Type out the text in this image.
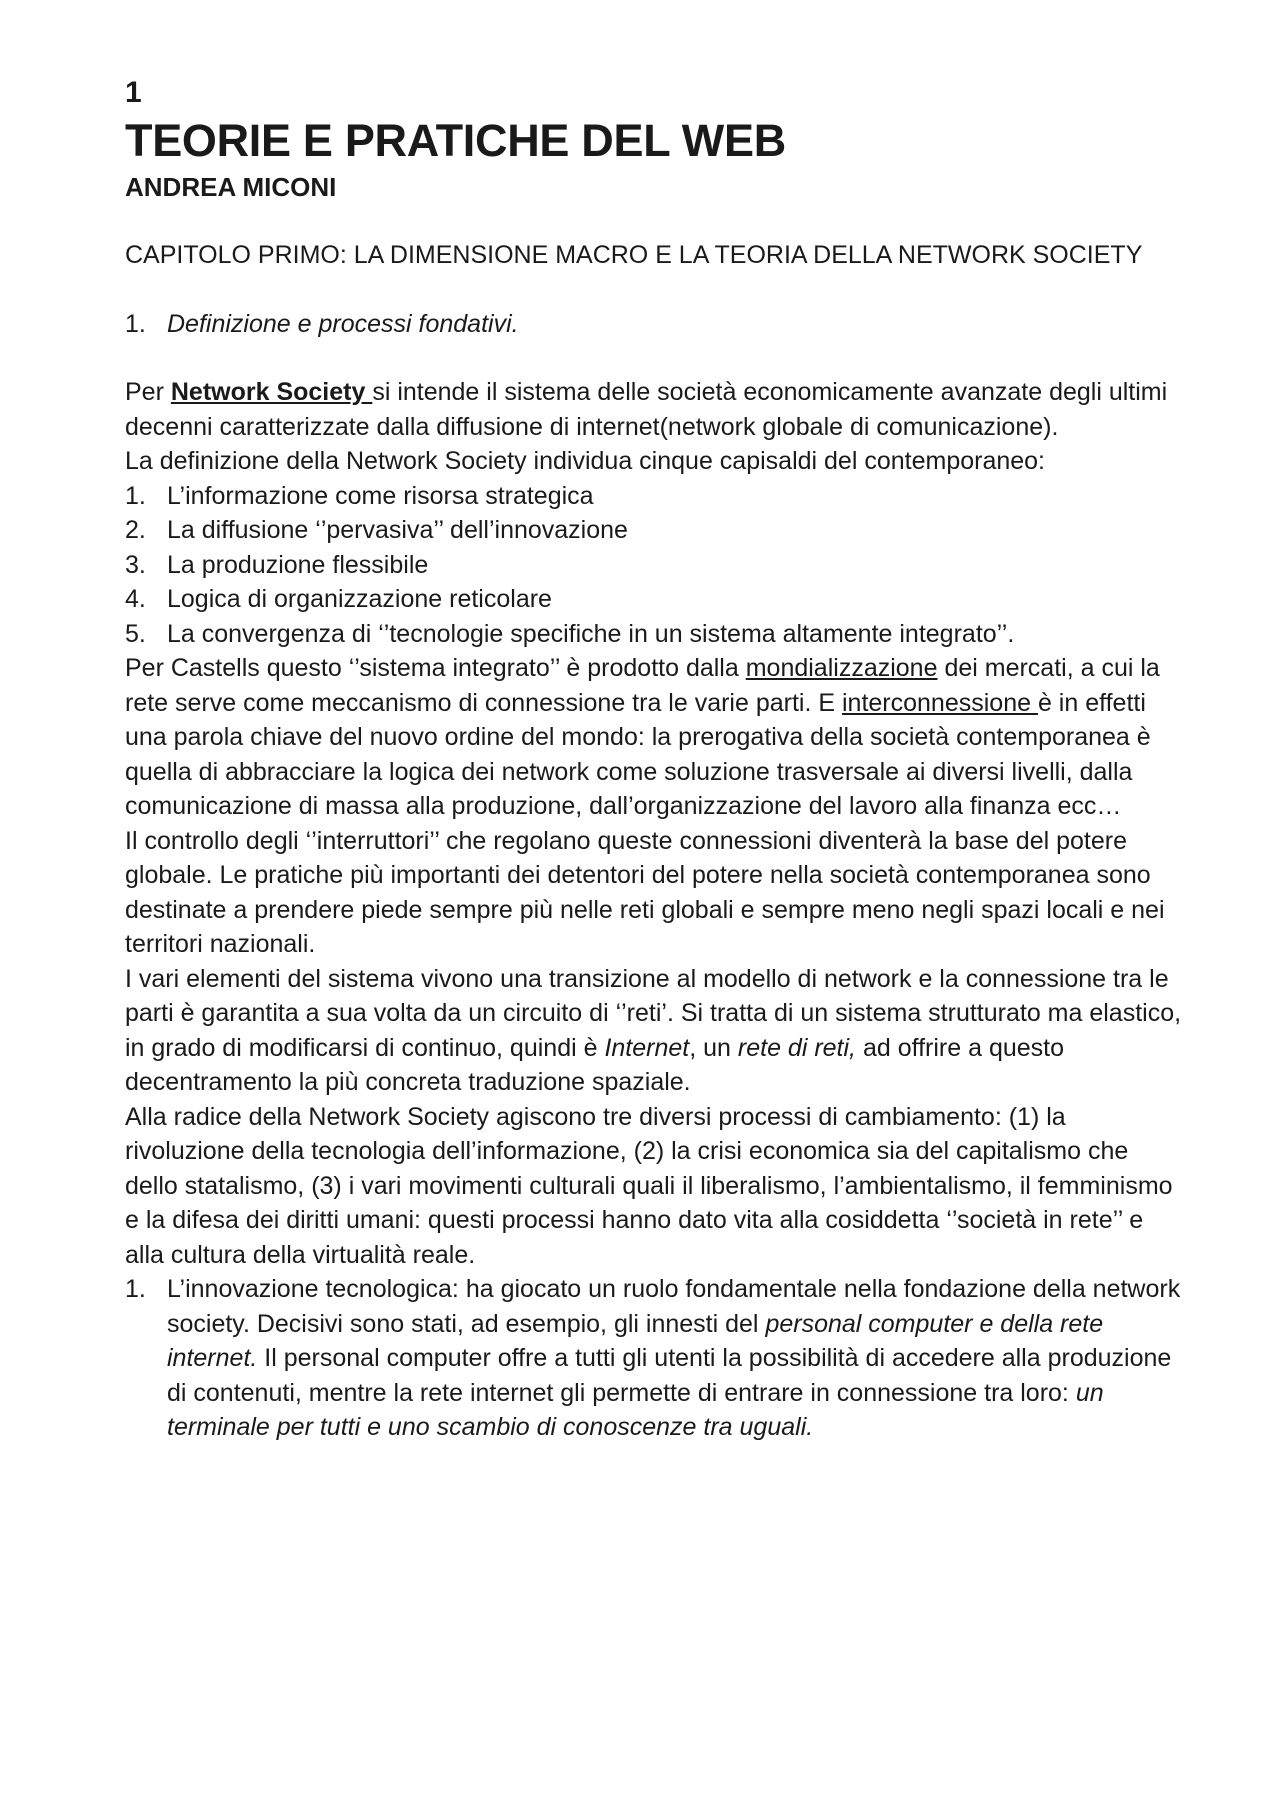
1

TEORIE E PRATICHE DEL WEB

ANDREA MICONI

CAPITOLO PRIMO: LA DIMENSIONE MACRO E LA TEORIA DELLA NETWORK SOCIETY

1. Definizione e processi fondativi.

Per Network Society si intende il sistema delle società economicamente avanzate degli ultimi decenni caratterizzate dalla diffusione di internet(network globale di comunicazione).

La definizione della Network Society individua cinque capisaldi del contemporaneo:

1. L’informazione come risorsa strategica
2. La diffusione ‘’pervasiva’’ dell’innovazione
3. La produzione flessibile
4. Logica di organizzazione reticolare
5. La convergenza di ‘’tecnologie specifiche in un sistema altamente integrato’’.

Per Castells questo ‘’sistema integrato’’ è prodotto dalla mondializzazione dei mercati, a cui la rete serve come meccanismo di connessione tra le varie parti. E interconnessione è in effetti una parola chiave del nuovo ordine del mondo: la prerogativa della società contemporanea è quella di abbracciare la logica dei network come soluzione trasversale ai diversi livelli, dalla comunicazione di massa alla produzione, dall’organizzazione del lavoro alla finanza ecc…

Il controllo degli ‘’interruttori’’ che regolano queste connessioni diventerà la base del potere globale. Le pratiche più importanti dei detentori del potere nella società contemporanea sono destinate a prendere piede sempre più nelle reti globali e sempre meno negli spazi locali e nei territori nazionali.

I vari elementi del sistema vivono una transizione al modello di network e la connessione tra le parti è garantita a sua volta da un circuito di ‘’reti’. Si tratta di un sistema strutturato ma elastico, in grado di modificarsi di continuo, quindi è Internet, un rete di reti, ad offrire a questo decentramento la più concreta traduzione spaziale.

Alla radice della Network Society agiscono tre diversi processi di cambiamento: (1) la rivoluzione della tecnologia dell’informazione, (2) la crisi economica sia del capitalismo che dello statalismo, (3) i vari movimenti culturali quali il liberalismo, l’ambientalismo, il femminismo e la difesa dei diritti umani: questi processi hanno dato vita alla cosiddetta ‘’società in rete’’ e alla cultura della virtualità reale.

1. L’innovazione tecnologica: ha giocato un ruolo fondamentale nella fondazione della network society. Decisivi sono stati, ad esempio, gli innesti del personal computer e della rete internet. Il personal computer offre a tutti gli utenti la possibilità di accedere alla produzione di contenuti, mentre la rete internet gli permette di entrare in connessione tra loro: un terminale per tutti e uno scambio di conoscenze tra uguali.
